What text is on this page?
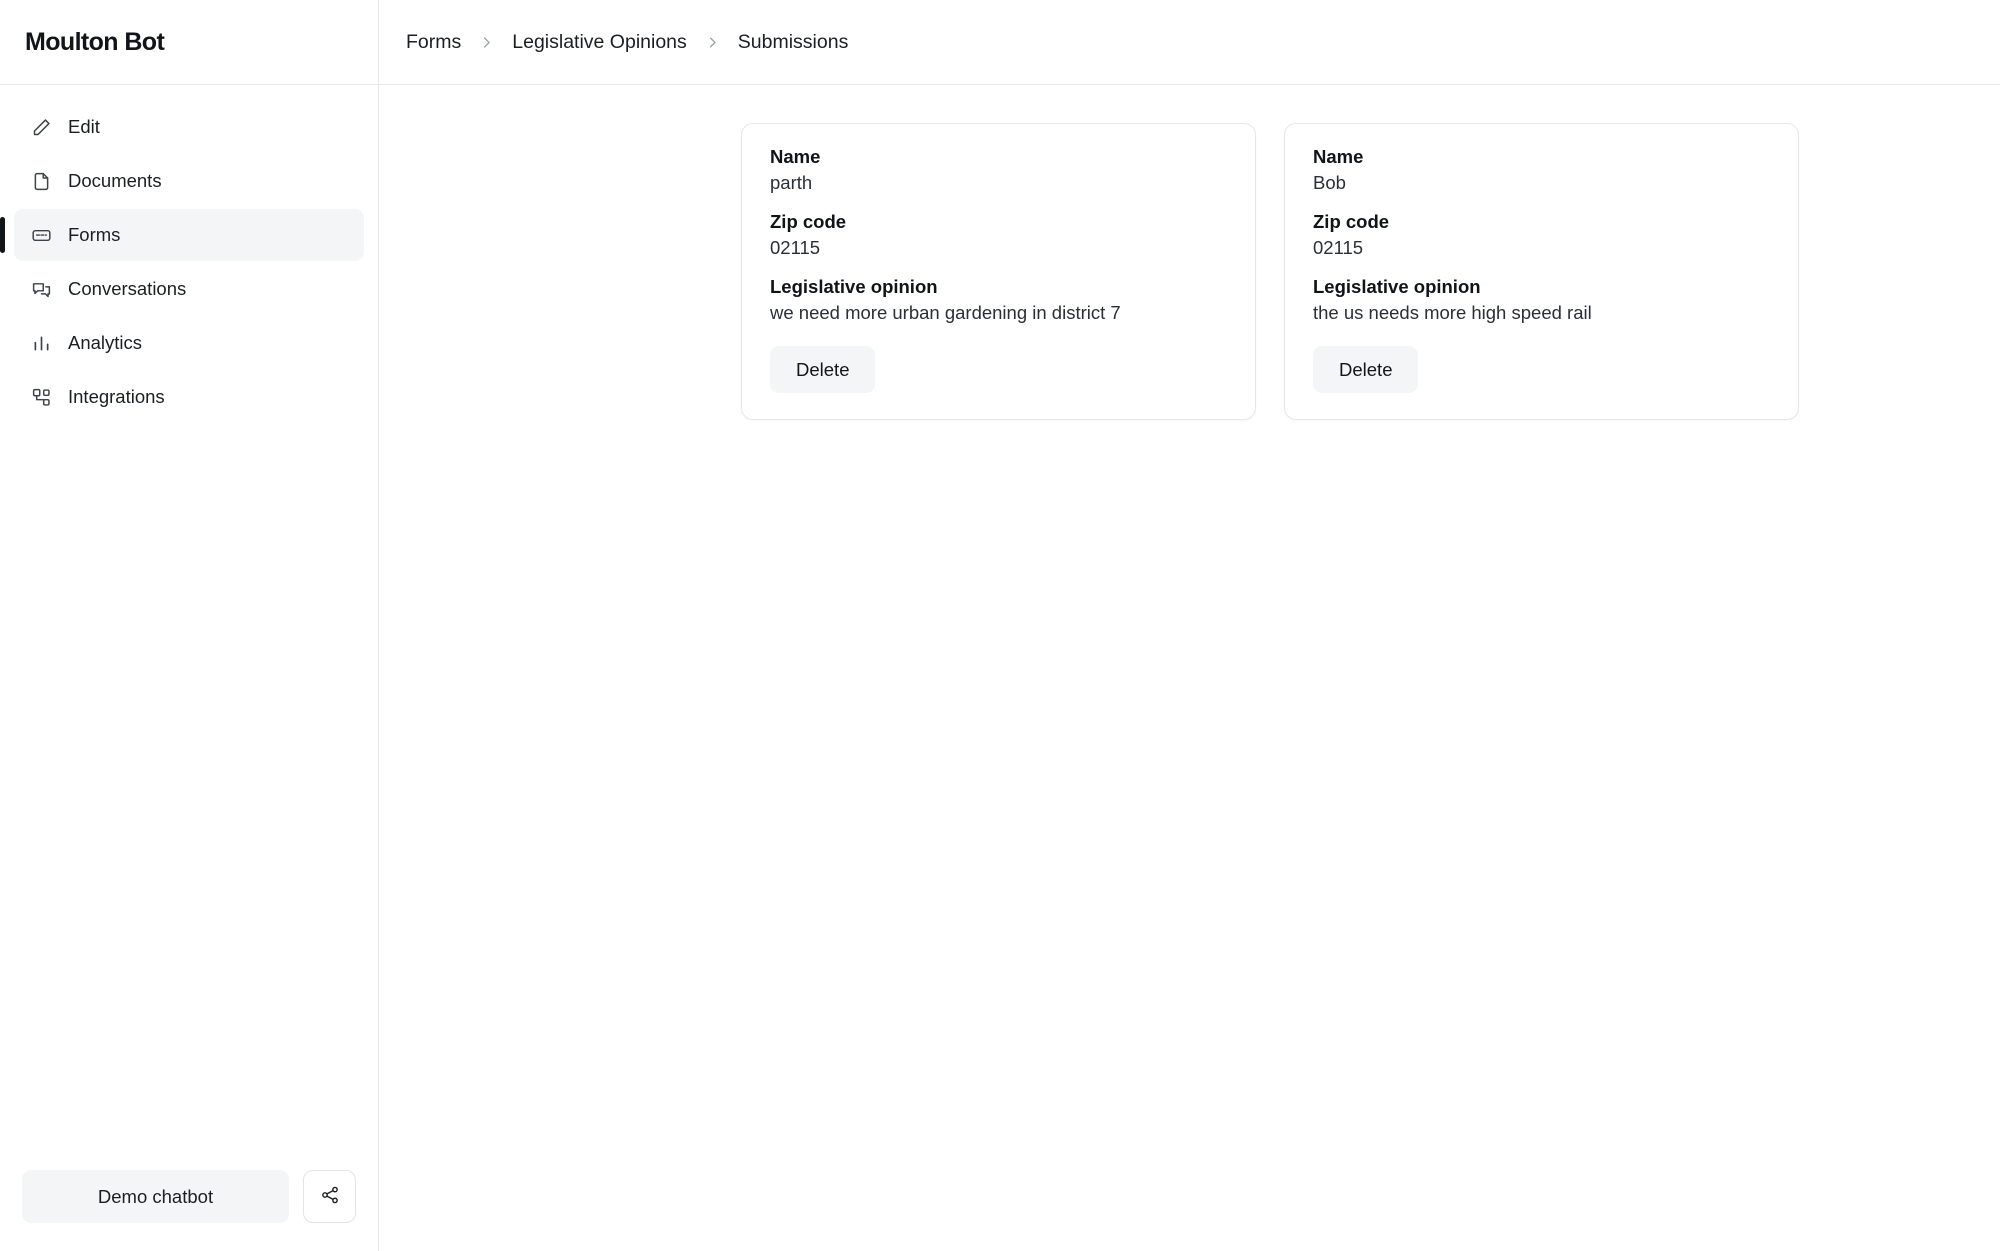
Moulton Bot
Edit
Documents
Forms
Conversations
Analytics
Integrations
Demo chatbot
Forms	Legislative Opinions	Submissions
Name
parth
Zip code
02115
Legislative opinion
we need more urban gardening in district 7
Delete
Name
Bob
Zip code
02115
Legislative opinion
the us needs more high speed rail
Delete
